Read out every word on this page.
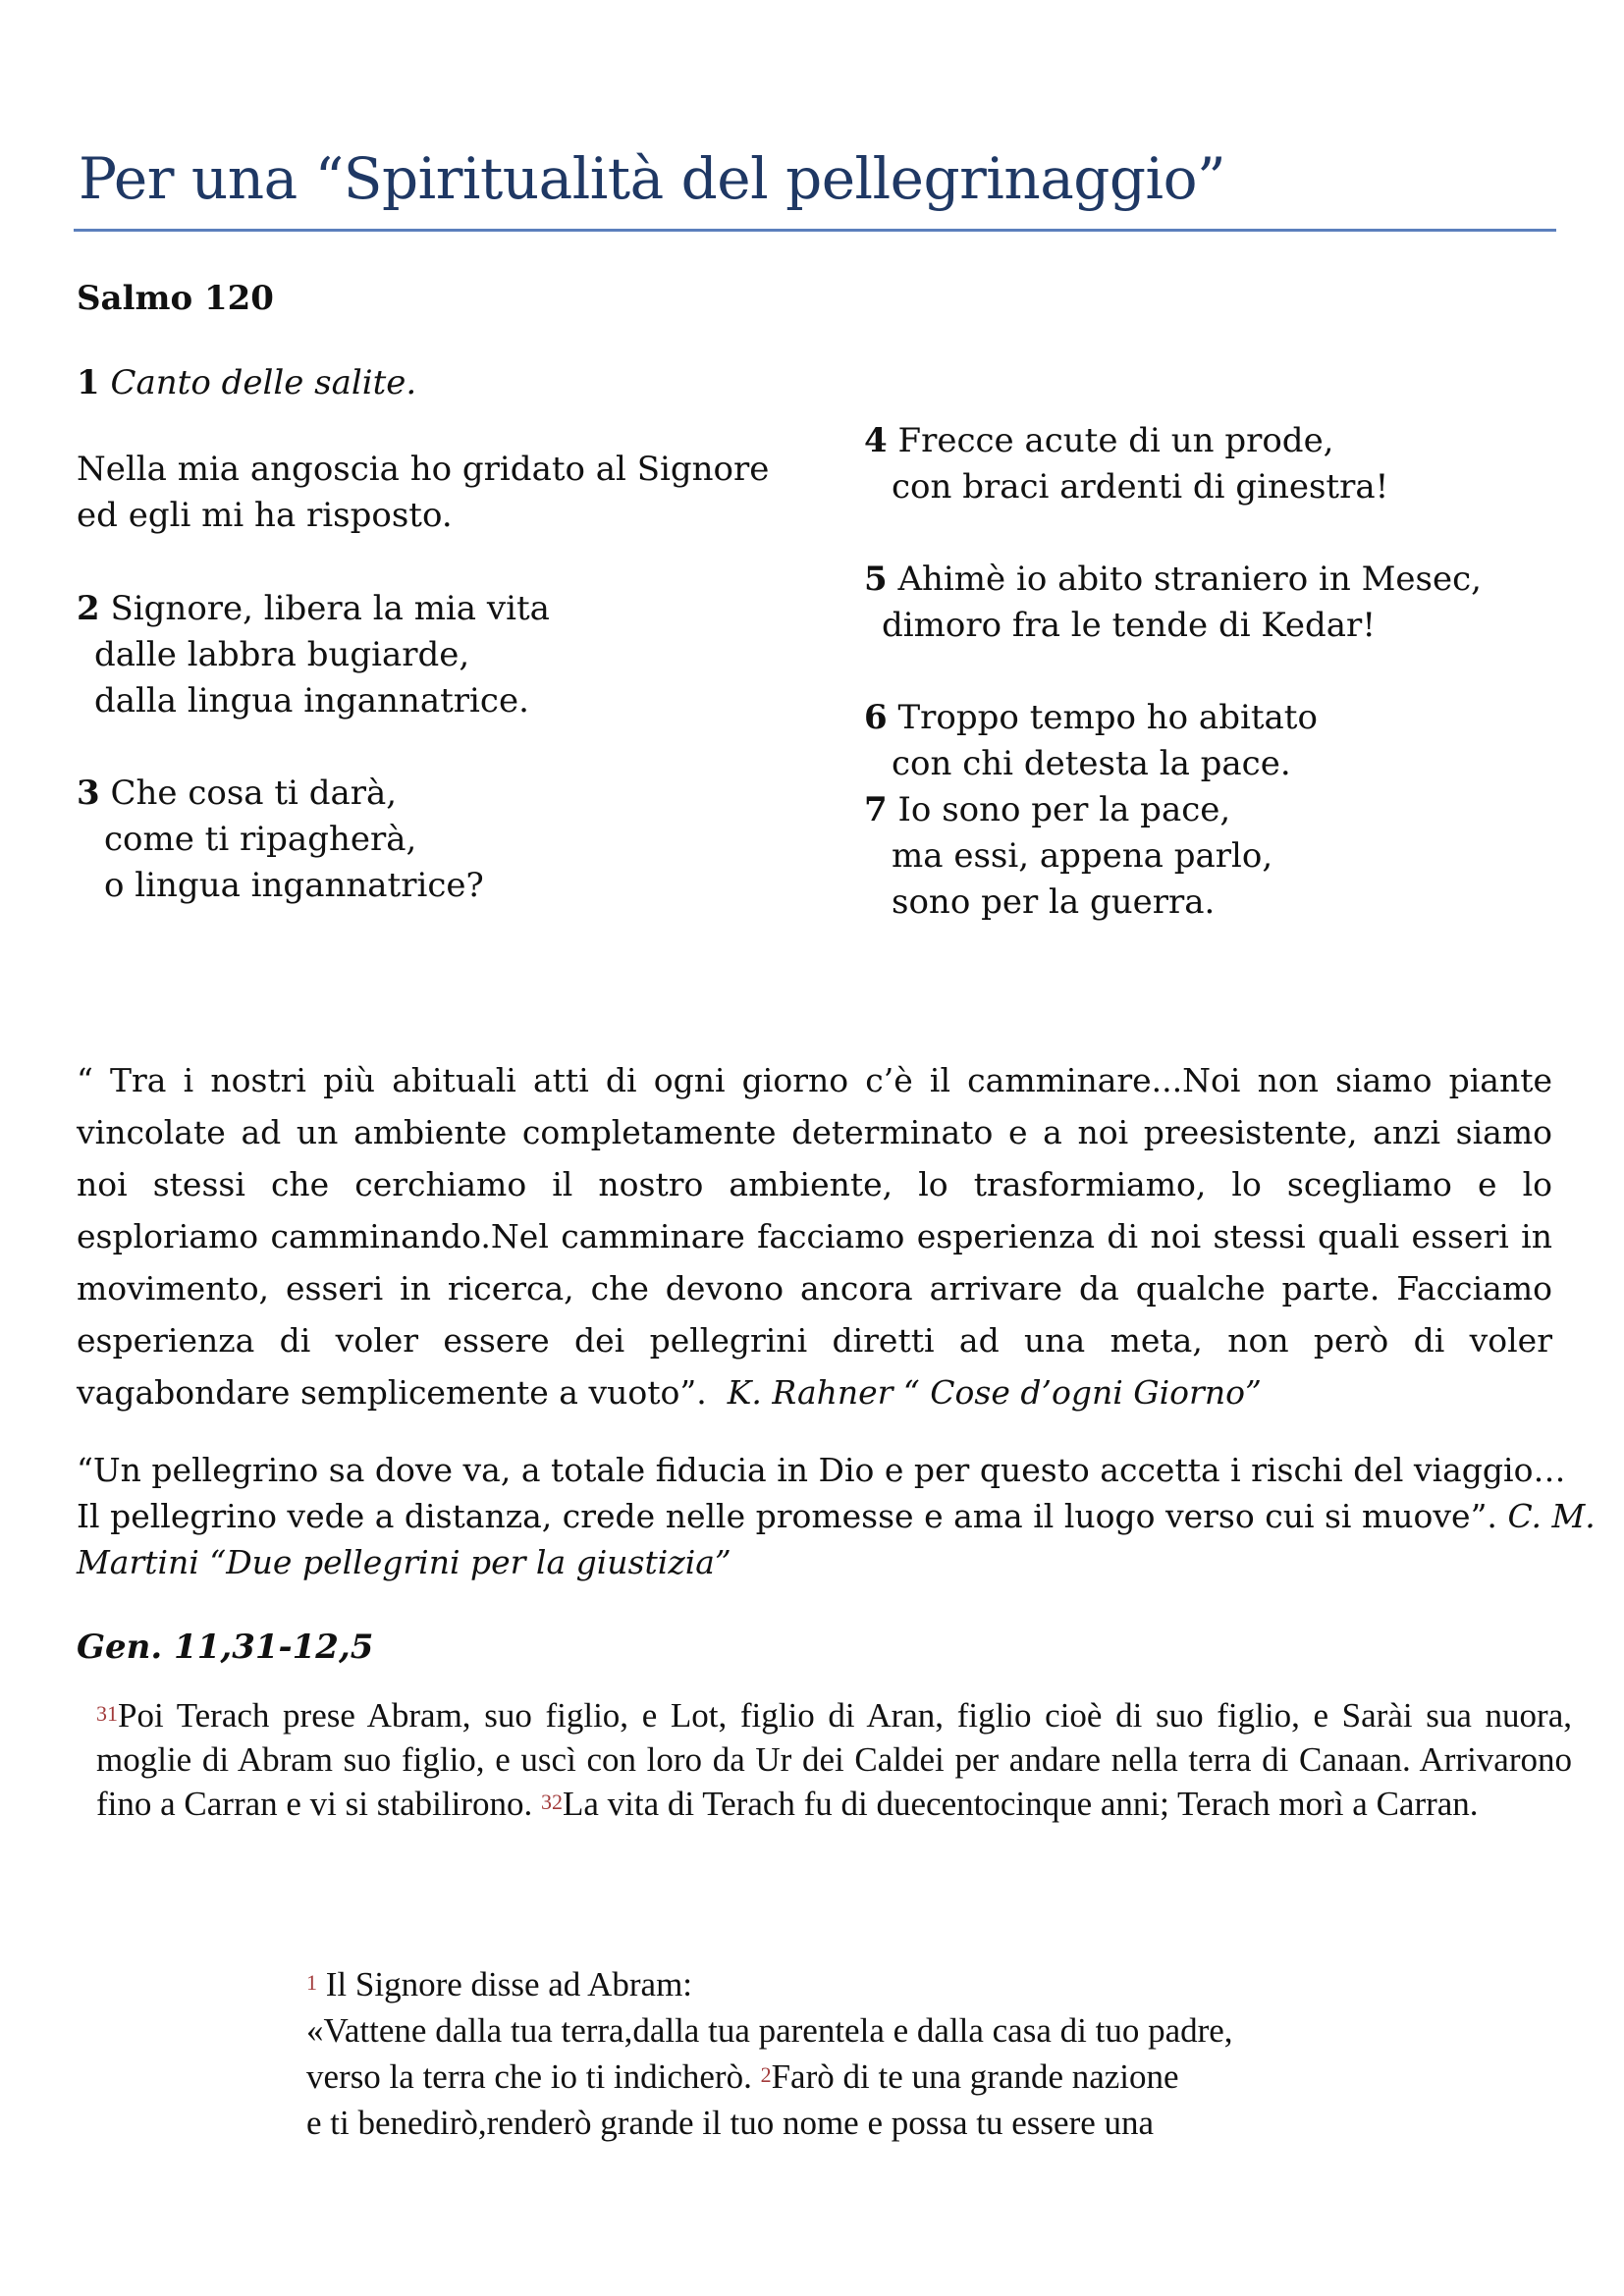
Per una “Spiritualità del pellegrinaggio”
Salmo 120
1 Canto delle salite.
Nella mia angoscia ho gridato al Signore
ed egli mi ha risposto.
2 Signore, libera la mia vita
dalle labbra bugiarde,
dalla lingua ingannatrice.
3 Che cosa ti darà,
come ti ripagherà,
o lingua ingannatrice?
4 Frecce acute di un prode,
con braci ardenti di ginestra!
5 Ahimè io abito straniero in Mesec,
dimoro fra le tende di Kedar!
6 Troppo tempo ho abitato
con chi detesta la pace.
7 Io sono per la pace,
ma essi, appena parlo,
sono per la guerra.

“ Tra i nostri più abituali atti di ogni giorno c’è il camminare...Noi non siamo piante vincolate ad un ambiente completamente determinato e a noi preesistente, anzi siamo noi stessi che cerchiamo il nostro ambiente, lo trasformiamo, lo scegliamo e lo esploriamo camminando.Nel camminare facciamo esperienza di noi stessi quali esseri in movimento, esseri in ricerca, che devono ancora arrivare da qualche parte. Facciamo esperienza di voler essere dei pellegrini diretti ad una meta, non però di voler vagabondare semplicemente a vuoto”. K. Rahner “ Cose d’ogni Giorno”

“Un pellegrino sa dove va, a totale fiducia in Dio e per questo accetta i rischi del viaggio…
Il pellegrino vede a distanza, crede nelle promesse e ama il luogo verso cui si muove”. C. M.
Martini “Due pellegrini per la giustizia”
Gen. 11,31-12,5
$^{31}$Poi Terach prese Abram, suo figlio, e Lot, figlio di Aran, figlio cioè di suo figlio, e Sarài sua nuora, moglie di Abram suo figlio, e uscì con loro da Ur dei Caldei per andare nella terra di Canaan. Arrivarono fino a Carran e vi si stabilirono. $^{32}$La vita di Terach fu di duecentocinque anni; Terach morì a Carran.
$^1$ Il Signore disse ad Abram:
«Vattene dalla tua terra,dalla tua parentela e dalla casa di tuo padre,
verso la terra che io ti indicherò. $^2$Farò di te una grande nazione
e ti benedirò,renderò grande il tuo nome e possa tu essere una
